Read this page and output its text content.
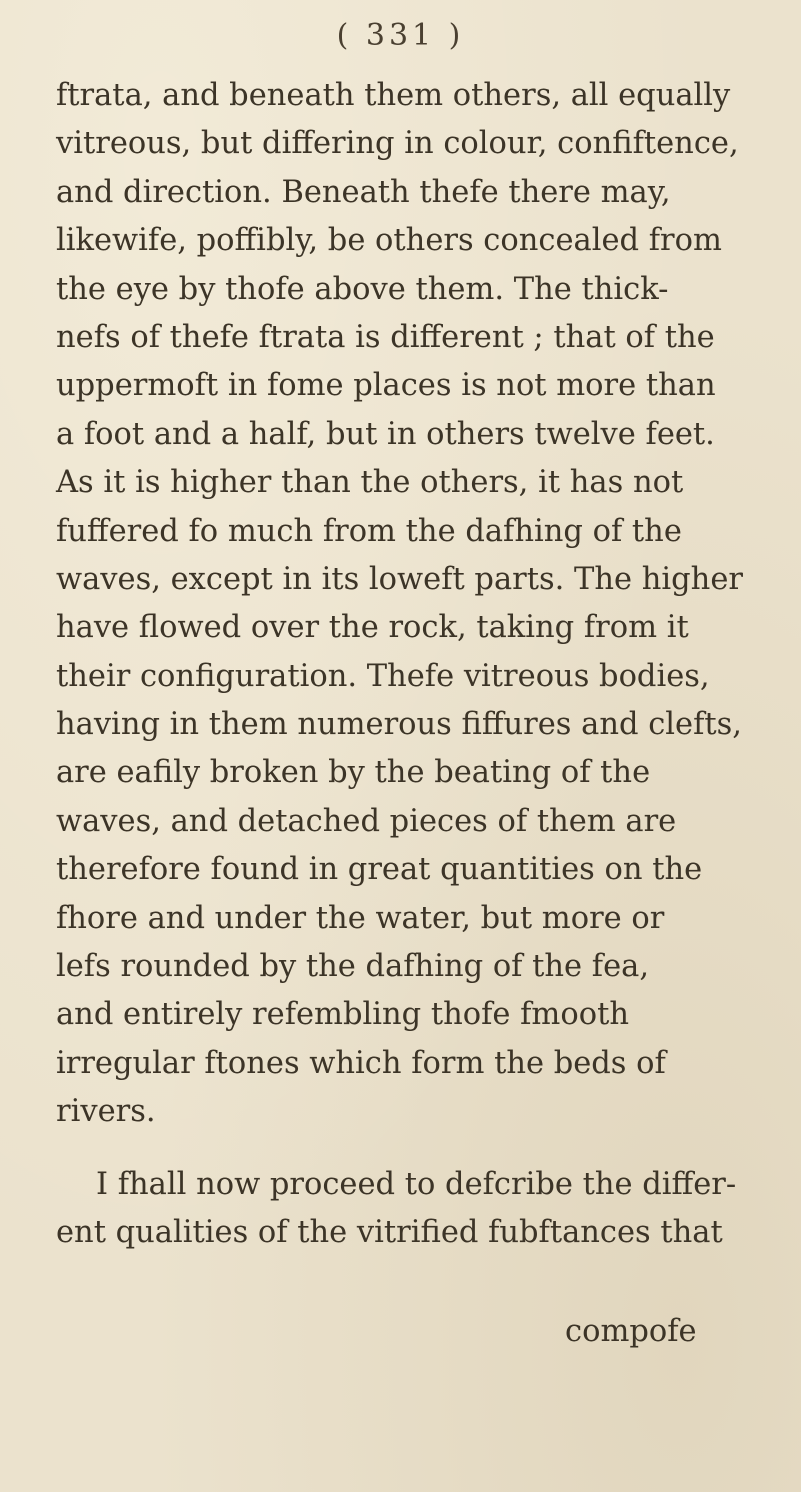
( 331 )
ftrata, and beneath them others, all equally
vitreous, but differing in colour, confiftence,
and direction. Beneath thefe there may,
likewife, poffibly, be others concealed from
the eye by thofe above them. The thick-
nefs of thefe ftrata is different ; that of the
uppermoft in fome places is not more than
a foot and a half, but in others twelve feet.
As it is higher than the others, it has not
fuffered fo much from the dafhing of the
waves, except in its loweft parts. The higher
have flowed over the rock, taking from it
their configuration. Thefe vitreous bodies,
having in them numerous fiffures and clefts,
are eafily broken by the beating of the
waves, and detached pieces of them are
therefore found in great quantities on the
fhore and under the water, but more or
lefs rounded by the dafhing of the fea,
and entirely refembling thofe fmooth
irregular ftones which form the beds of
rivers.
I fhall now proceed to defcribe the differ-
ent qualities of the vitrified fubftances that
compofe
